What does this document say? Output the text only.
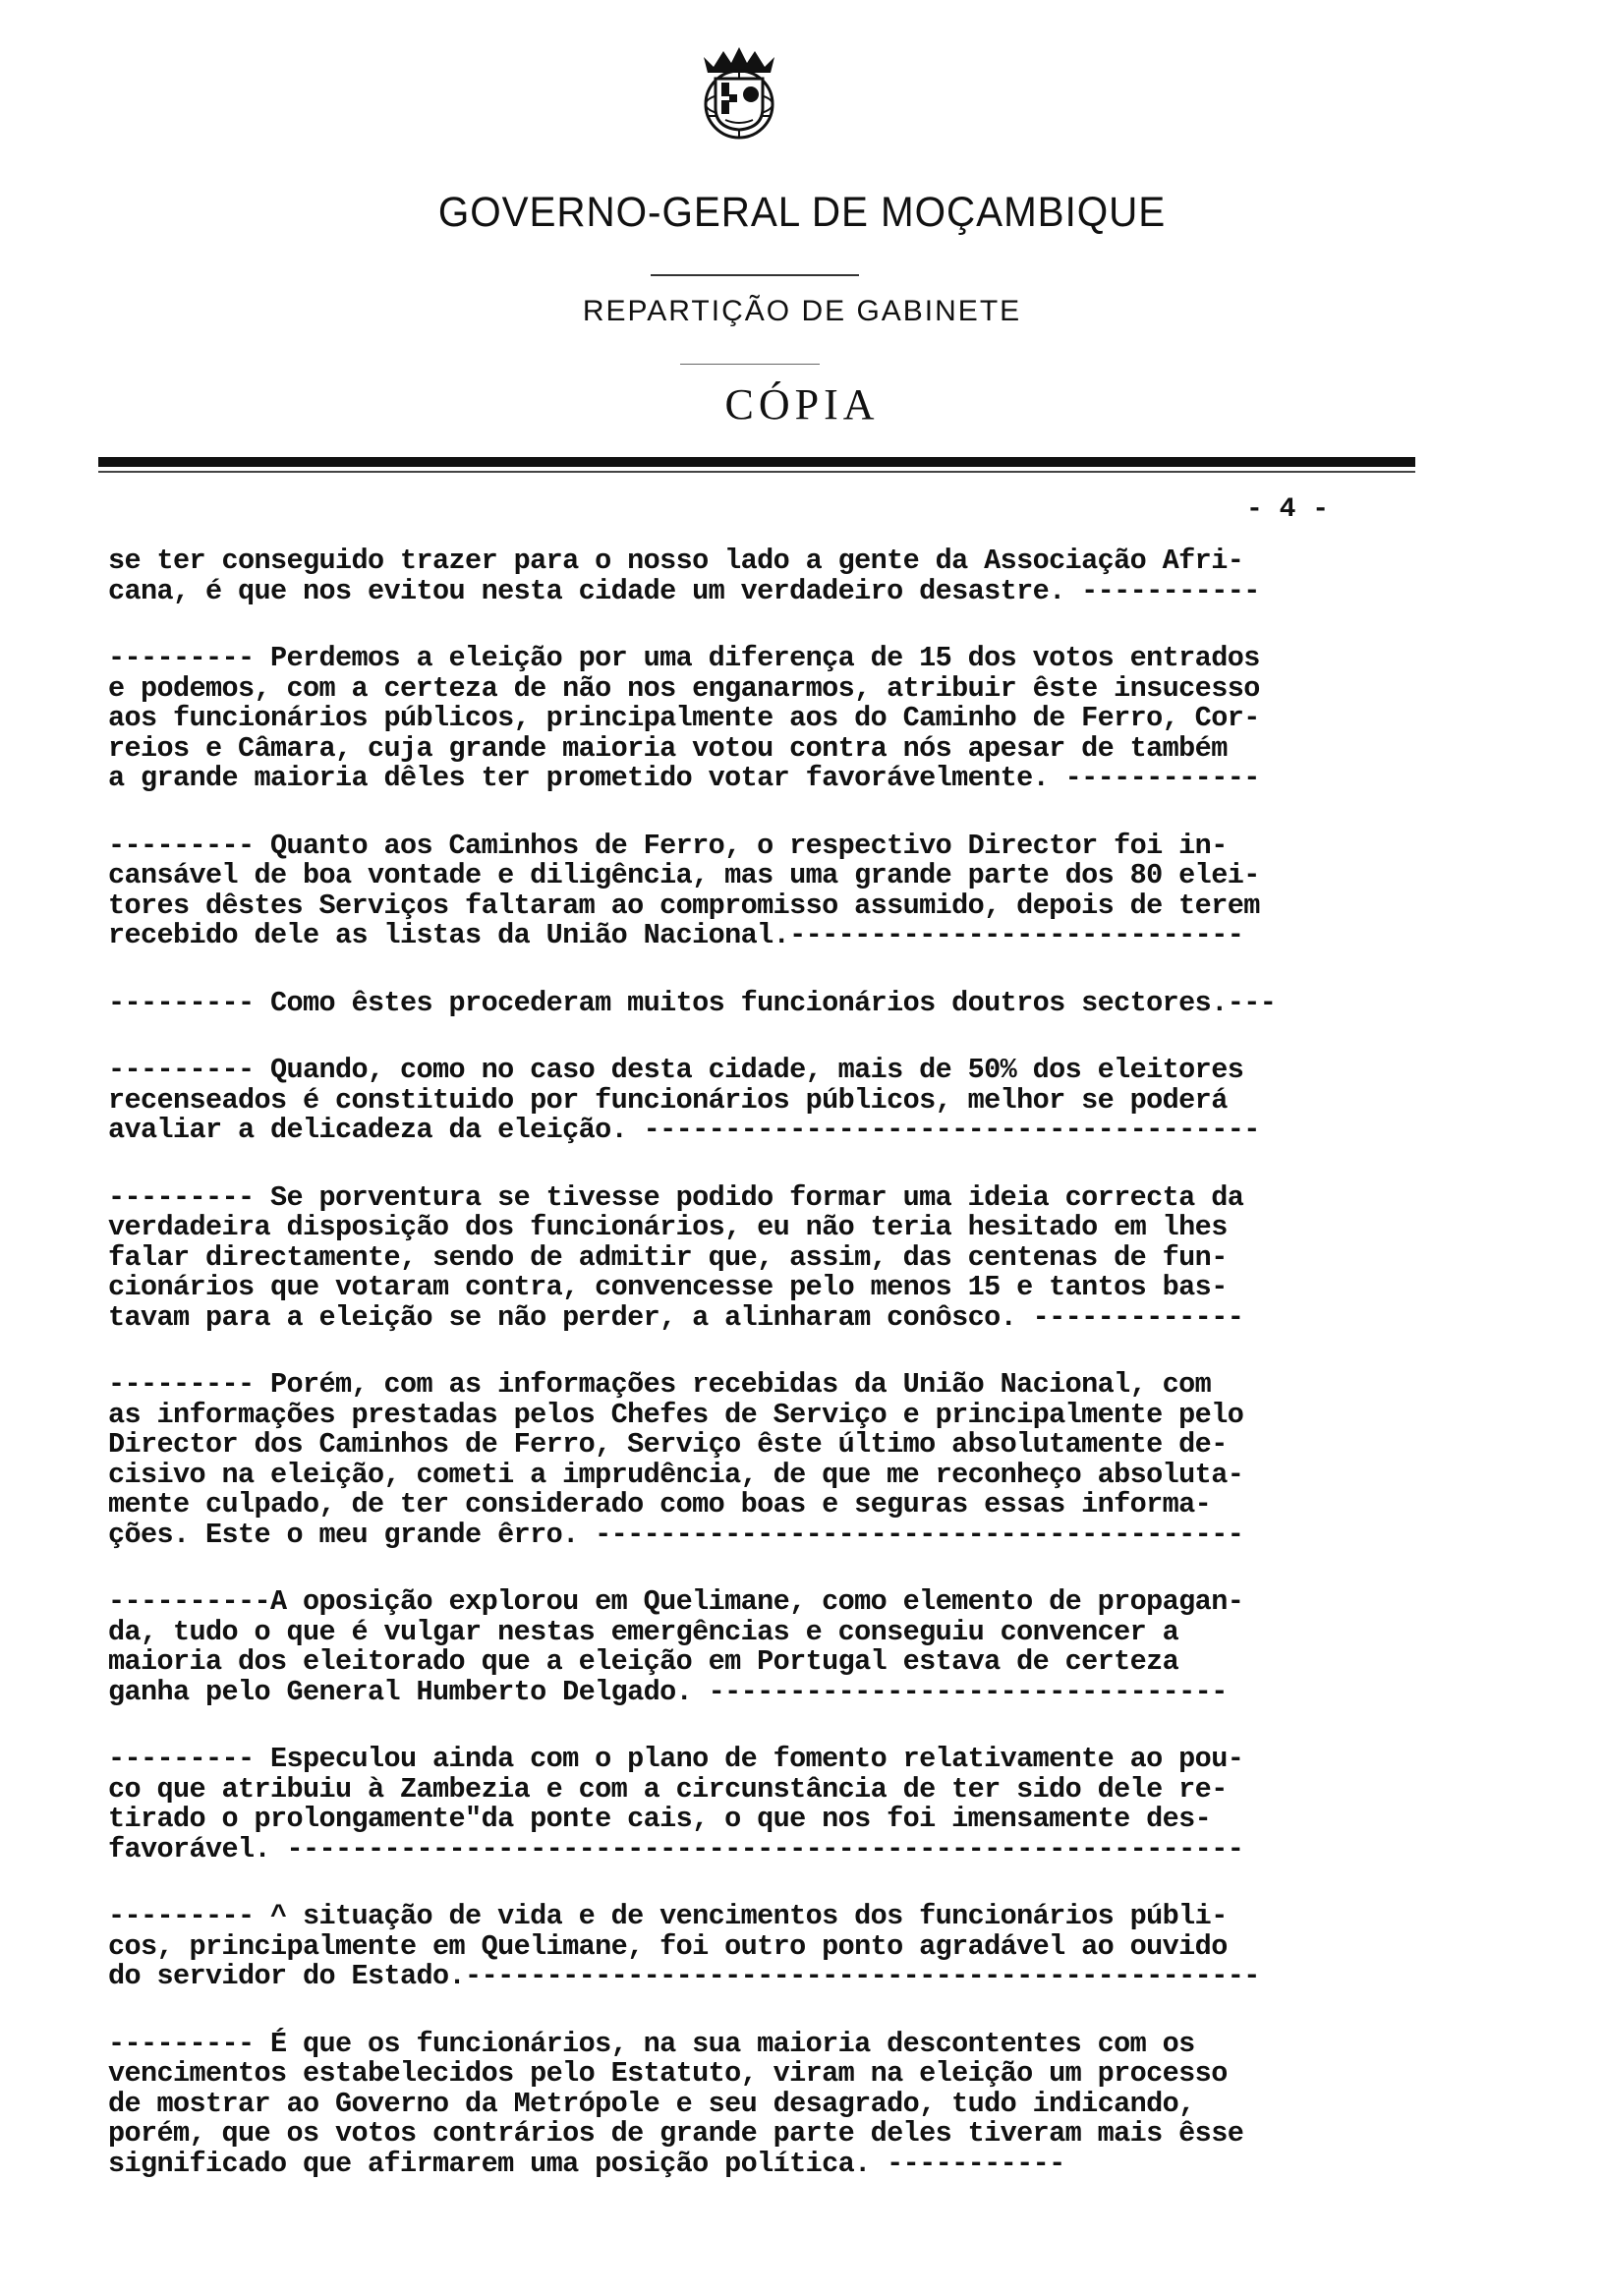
GOVERNO-GERAL DE MOÇAMBIQUE
REPARTIÇÃO DE GABINETE
CÓPIA
- 4 -
se ter conseguido trazer para o nosso lado a gente da Associação Afri-
cana, é que nos evitou nesta cidade um verdadeiro desastre. -----------
--------- Perdemos a eleição por uma diferença de 15 dos votos entrados
e podemos, com a certeza de não nos enganarmos, atribuir êste insucesso
aos funcionários públicos, principalmente aos do Caminho de Ferro, Cor-
reios e Câmara, cuja grande maioria votou contra nós apesar de também
a grande maioria dêles ter prometido votar favorávelmente. ------------
--------- Quanto aos Caminhos de Ferro, o respectivo Director foi in-
cansável de boa vontade e diligência, mas uma grande parte dos 80 elei-
tores dêstes Serviços faltaram ao compromisso assumido, depois de terem
recebido dele as listas da União Nacional.----------------------------
--------- Como êstes procederam muitos funcionários doutros sectores.---
--------- Quando, como no caso desta cidade, mais de 50% dos eleitores
recenseados é constituido por funcionários públicos, melhor se poderá
avaliar a delicadeza da eleição. --------------------------------------
--------- Se porventura se tivesse podido formar uma ideia correcta da
verdadeira disposição dos funcionários, eu não teria hesitado em lhes
falar directamente, sendo de admitir que, assim, das centenas de fun-
cionários que votaram contra, convencesse pelo menos 15 e tantos bas-
tavam para a eleição se não perder, a alinharam conôsco. -------------
--------- Porém, com as informações recebidas da União Nacional, com
as informações prestadas pelos Chefes de Serviço e principalmente pelo
Director dos Caminhos de Ferro, Serviço êste último absolutamente de-
cisivo na eleição, cometi a imprudência, de que me reconheço absoluta-
mente culpado, de ter considerado como boas e seguras essas informa-
ções. Este o meu grande êrro. ----------------------------------------
----------A oposição explorou em Quelimane, como elemento de propagan-
da, tudo o que é vulgar nestas emergências e conseguiu convencer a
maioria dos eleitorado que a eleição em Portugal estava de certeza
ganha pelo General Humberto Delgado. --------------------------------
--------- Especulou ainda com o plano de fomento relativamente ao pou-
co que atribuiu à Zambezia e com a circunstância de ter sido dele re-
tirado o prolongamente"da ponte cais, o que nos foi imensamente des-
favorável. -----------------------------------------------------------
--------- ^ situação de vida e de vencimentos dos funcionários públi-
cos, principalmente em Quelimane, foi outro ponto agradável ao ouvido
do servidor do Estado.-------------------------------------------------
--------- É que os funcionários, na sua maioria descontentes com os
vencimentos estabelecidos pelo Estatuto, viram na eleição um processo
de mostrar ao Governo da Metrópole e seu desagrado, tudo indicando,
porém, que os votos contrários de grande parte deles tiveram mais êsse
significado que afirmarem uma posição política. -----------
